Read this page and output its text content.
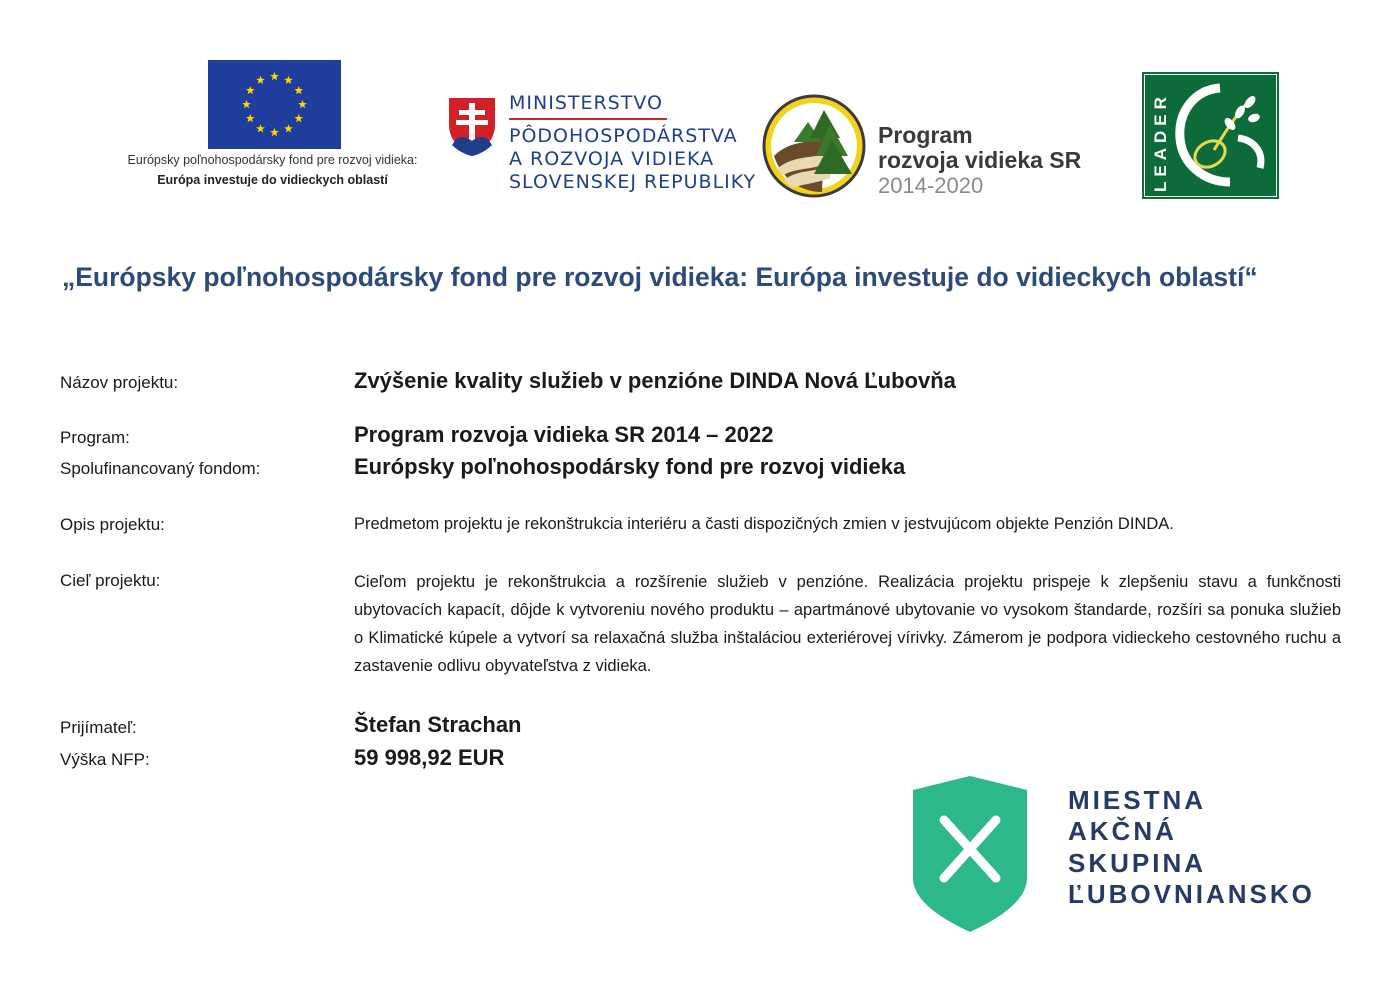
Európsky poľnohospodársky fond pre rozvoj vidieka:
Európa investuje do vidieckych oblastí
MINISTERSTVO
PÔDOHOSPODÁRSTVA
A ROZVOJA VIDIEKA
SLOVENSKEJ REPUBLIKY
Program
rozvoja vidieka SR
2014-2020	LEADER
„Európsky poľnohospodársky fond pre rozvoj vidieka: Európa investuje do vidieckych oblastí“
Názov projektu:	Zvýšenie kvality služieb v penzióne DINDA Nová Ľubovňa
Program:	Program rozvoja vidieka SR 2014 – 2022
Spolufinancovaný fondom:	Európsky poľnohospodársky fond pre rozvoj vidieka
Opis projektu:	Predmetom projektu je rekonštrukcia interiéru a časti dispozičných zmien v jestvujúcom objekte Penzión DINDA.
Cieľ projektu:	Cieľom projektu je rekonštrukcia a rozšírenie služieb v penzióne. Realizácia projektu prispeje k zlepšeniu stavu a funkčnosti ubytovacích kapacít, dôjde k vytvoreniu nového produktu – apartmánové ubytovanie vo vysokom štandarde, rozšíri sa ponuka služieb o Klimatické kúpele a vytvorí sa relaxačná služba inštaláciou exteriérovej vírivky. Zámerom je podpora vidieckeho cestovného ruchu a zastavenie odlivu obyvateľstva z vidieka.
Prijímateľ:	Štefan Strachan
Výška NFP:	59 998,92 EUR
MIESTNA
AKČNÁ
SKUPINA
ĽUBOVNIANSKO
